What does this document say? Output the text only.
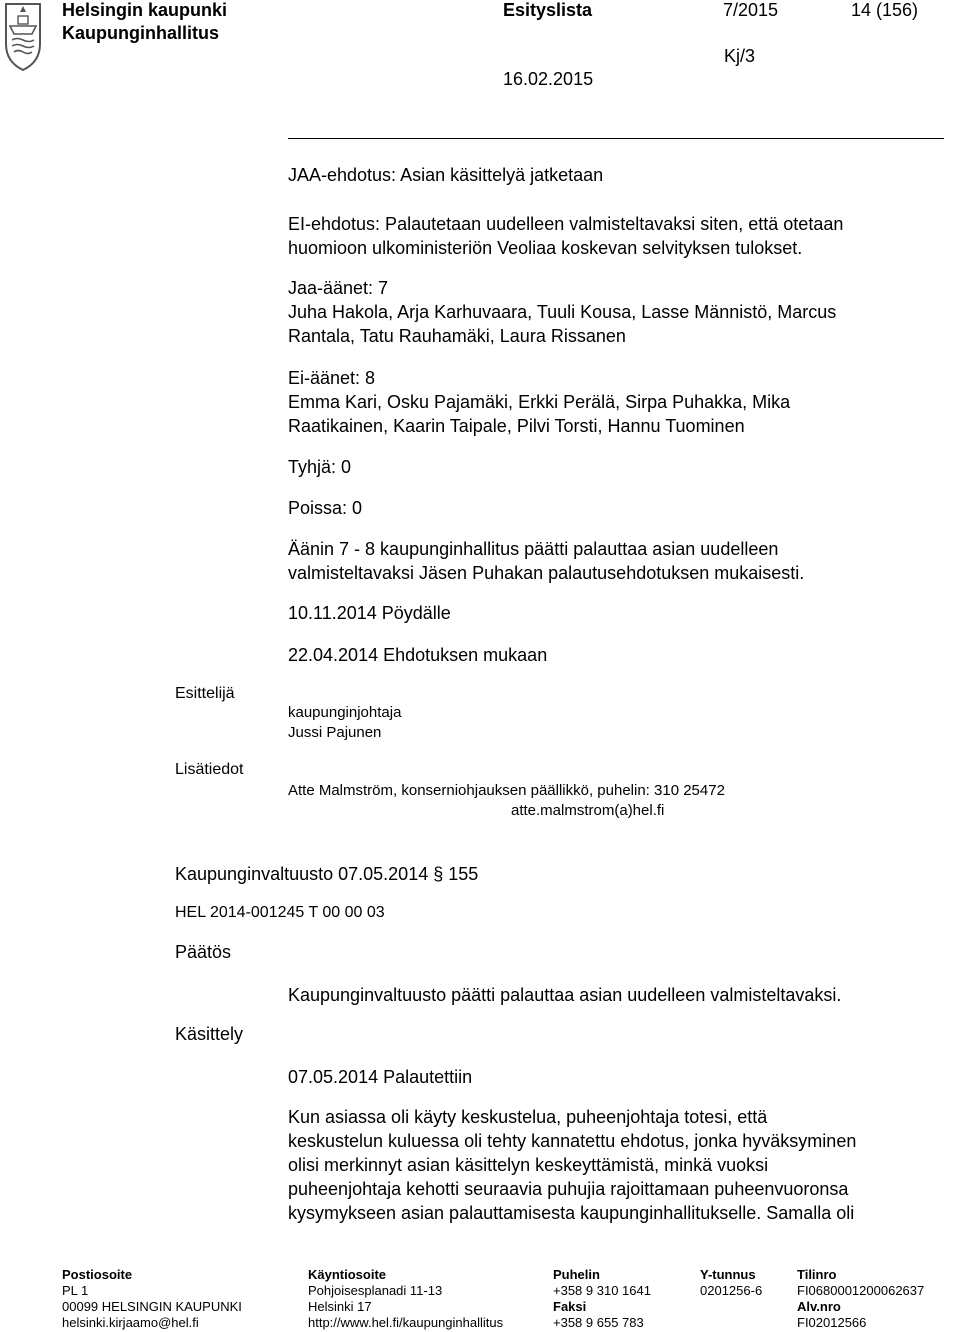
Helsingin kaupunki
Kaupunginhallitus
Esityslista	7/2015	14 (156)
Kj/3
16.02.2015
JAA-ehdotus: Asian käsittelyä jatketaan
EI-ehdotus: Palautetaan uudelleen valmisteltavaksi siten, että otetaan
huomioon ulkoministeriön Veoliaa koskevan selvityksen tulokset.
Jaa-äänet: 7
Juha Hakola, Arja Karhuvaara, Tuuli Kousa, Lasse Männistö, Marcus
Rantala, Tatu Rauhamäki, Laura Rissanen
Ei-äänet: 8
Emma Kari, Osku Pajamäki, Erkki Perälä, Sirpa Puhakka, Mika
Raatikainen, Kaarin Taipale, Pilvi Torsti, Hannu Tuominen
Tyhjä: 0
Poissa: 0
Äänin 7 - 8 kaupunginhallitus päätti palauttaa asian uudelleen
valmisteltavaksi Jäsen Puhakan palautusehdotuksen mukaisesti.
10.11.2014 Pöydälle
22.04.2014 Ehdotuksen mukaan
Esittelijä
kaupunginjohtaja
Jussi Pajunen
Lisätiedot
Atte Malmström, konserniohjauksen päällikkö, puhelin: 310 25472
atte.malmstrom(a)hel.fi
Kaupunginvaltuusto 07.05.2014 § 155
HEL 2014-001245 T 00 00 03
Päätös
Kaupunginvaltuusto päätti palauttaa asian uudelleen valmisteltavaksi.
Käsittely
07.05.2014 Palautettiin
Kun asiassa oli käyty keskustelua, puheenjohtaja totesi, että
keskustelun kuluessa oli tehty kannatettu ehdotus, jonka hyväksyminen
olisi merkinnyt asian käsittelyn keskeyttämistä, minkä vuoksi
puheenjohtaja kehotti seuraavia puhujia rajoittamaan puheenvuoronsa
kysymykseen asian palauttamisesta kaupunginhallitukselle. Samalla oli
Postiosoite
PL 1
00099 HELSINGIN KAUPUNKI
helsinki.kirjaamo@hel.fi
Käyntiosoite
Pohjoisesplanadi 11-13
Helsinki 17
http://www.hel.fi/kaupunginhallitus
Puhelin
+358 9 310 1641
Faksi
+358 9 655 783
Y-tunnus
0201256-6
Tilinro
FI0680001200062637
Alv.nro
FI02012566
